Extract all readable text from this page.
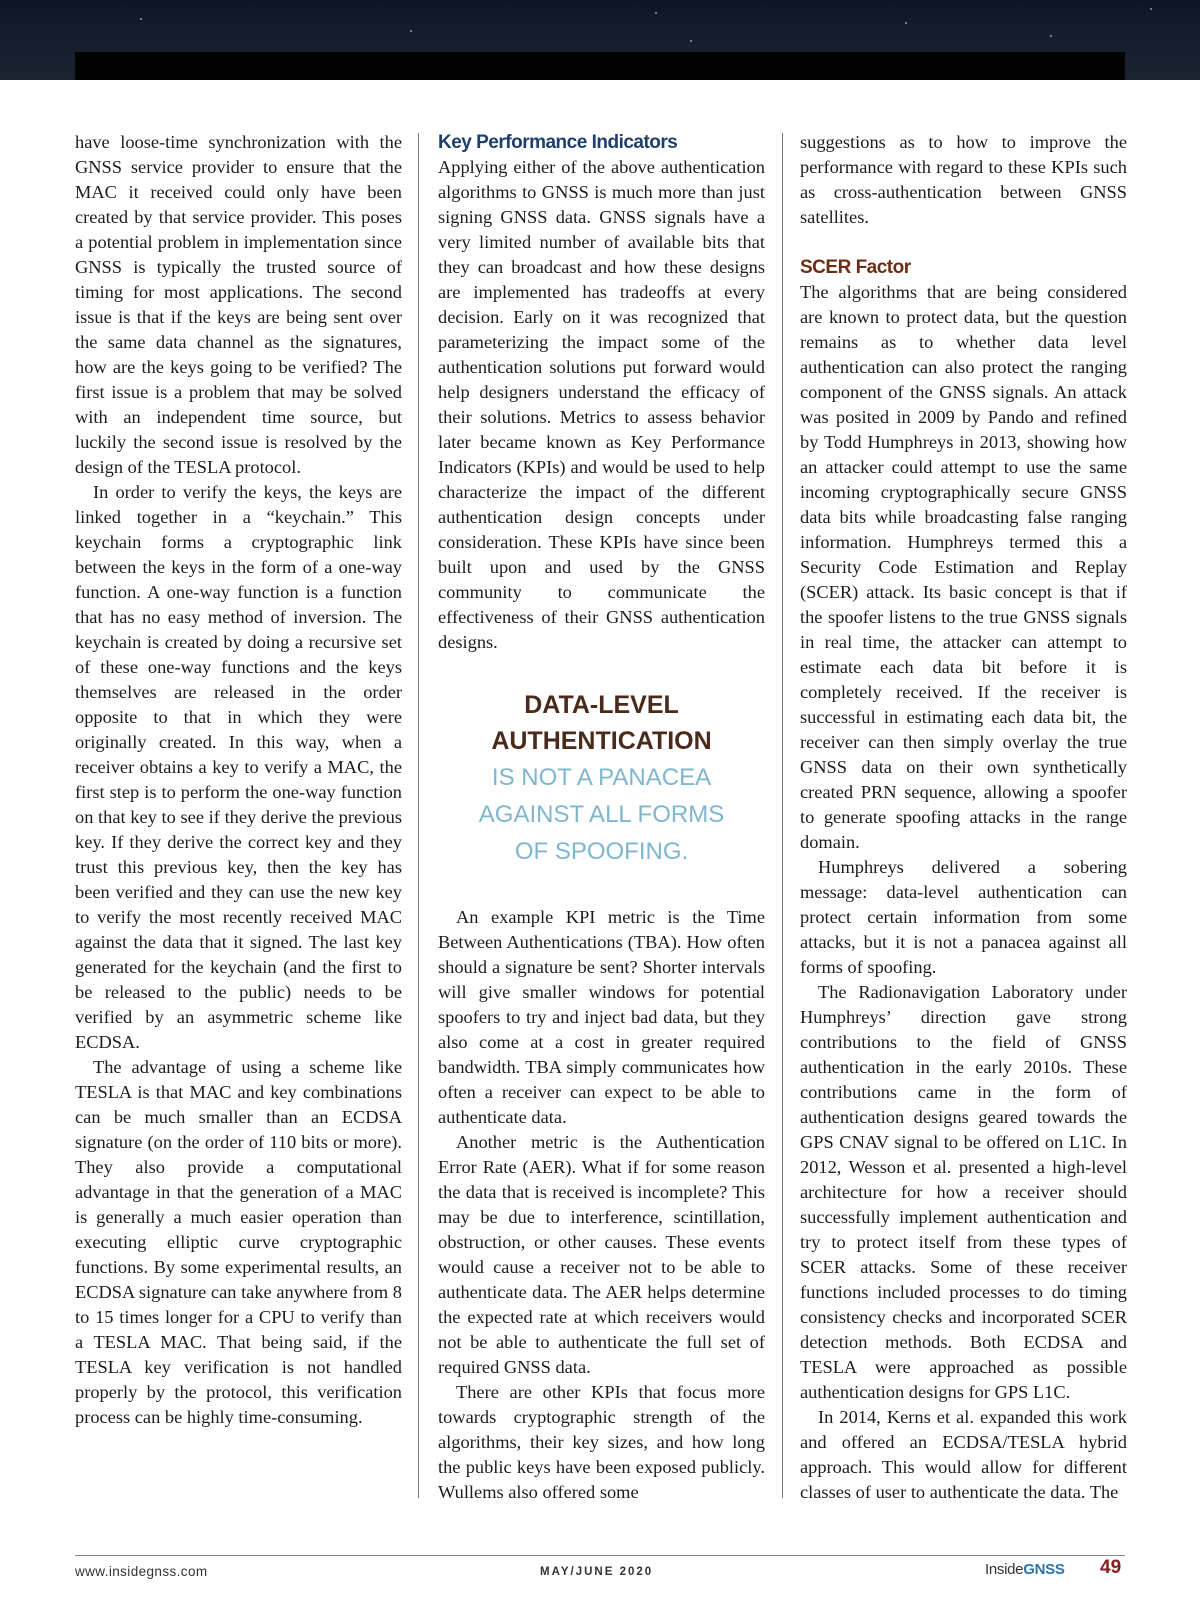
have loose-time synchronization with the GNSS service provider to ensure that the MAC it received could only have been created by that service provider. This poses a potential problem in implementation since GNSS is typically the trusted source of timing for most applications. The second issue is that if the keys are being sent over the same data channel as the signatures, how are the keys going to be verified? The first issue is a problem that may be solved with an independent time source, but luckily the second issue is resolved by the design of the TESLA protocol.

In order to verify the keys, the keys are linked together in a “keychain.” This keychain forms a cryptographic link between the keys in the form of a one-way function. A one-way function is a function that has no easy method of inversion. The keychain is created by doing a recursive set of these one-way functions and the keys themselves are released in the order opposite to that in which they were originally created. In this way, when a receiver obtains a key to verify a MAC, the first step is to perform the one-way function on that key to see if they derive the previous key. If they derive the correct key and they trust this previous key, then the key has been verified and they can use the new key to verify the most recently received MAC against the data that it signed. The last key generated for the keychain (and the first to be released to the public) needs to be verified by an asymmetric scheme like ECDSA.

The advantage of using a scheme like TESLA is that MAC and key combinations can be much smaller than an ECDSA signature (on the order of 110 bits or more). They also provide a computational advantage in that the generation of a MAC is generally a much easier operation than executing elliptic curve cryptographic functions. By some experimental results, an ECDSA signature can take anywhere from 8 to 15 times longer for a CPU to verify than a TESLA MAC. That being said, if the TESLA key verification is not handled properly by the protocol, this verification process can be highly time-consuming.

Key Performance Indicators

Applying either of the above authentication algorithms to GNSS is much more than just signing GNSS data. GNSS signals have a very limited number of available bits that they can broadcast and how these designs are implemented has tradeoffs at every decision. Early on it was recognized that parameterizing the impact some of the authentication solutions put forward would help designers understand the efficacy of their solutions. Metrics to assess behavior later became known as Key Performance Indicators (KPIs) and would be used to help characterize the impact of the different authentication design concepts under consideration. These KPIs have since been built upon and used by the GNSS community to communicate the effectiveness of their GNSS authentication designs.

DATA-LEVEL
AUTHENTICATION
IS NOT A PANACEA
AGAINST ALL FORMS
OF SPOOFING.

An example KPI metric is the Time Between Authentications (TBA). How often should a signature be sent? Shorter intervals will give smaller windows for potential spoofers to try and inject bad data, but they also come at a cost in greater required bandwidth. TBA simply communicates how often a receiver can expect to be able to authenticate data.

Another metric is the Authentication Error Rate (AER). What if for some reason the data that is received is incomplete? This may be due to interference, scintillation, obstruction, or other causes. These events would cause a receiver not to be able to authenticate data. The AER helps determine the expected rate at which receivers would not be able to authenticate the full set of required GNSS data.

There are other KPIs that focus more towards cryptographic strength of the algorithms, their key sizes, and how long the public keys have been exposed publicly. Wullems also offered some

suggestions as to how to improve the performance with regard to these KPIs such as cross-authentication between GNSS satellites.

SCER Factor

The algorithms that are being considered are known to protect data, but the question remains as to whether data level authentication can also protect the ranging component of the GNSS signals. An attack was posited in 2009 by Pando and refined by Todd Humphreys in 2013, showing how an attacker could attempt to use the same incoming cryptographically secure GNSS data bits while broadcasting false ranging information. Humphreys termed this a Security Code Estimation and Replay (SCER) attack. Its basic concept is that if the spoofer listens to the true GNSS signals in real time, the attacker can attempt to estimate each data bit before it is completely received. If the receiver is successful in estimating each data bit, the receiver can then simply overlay the true GNSS data on their own synthetically created PRN sequence, allowing a spoofer to generate spoofing attacks in the range domain.

Humphreys delivered a sobering message: data-level authentication can protect certain information from some attacks, but it is not a panacea against all forms of spoofing.

The Radionavigation Laboratory under Humphreys’ direction gave strong contributions to the field of GNSS authentication in the early 2010s. These contributions came in the form of authentication designs geared towards the GPS CNAV signal to be offered on L1C. In 2012, Wesson et al. presented a high-level architecture for how a receiver should successfully implement authentication and try to protect itself from these types of SCER attacks. Some of these receiver functions included processes to do timing consistency checks and incorporated SCER detection methods. Both ECDSA and TESLA were approached as possible authentication designs for GPS L1C.

In 2014, Kerns et al. expanded this work and offered an ECDSA/TESLA hybrid approach. This would allow for different classes of user to authenticate the data. The

www.insidegnss.com	MAY/JUNE 2020	InsideGNSS 49
